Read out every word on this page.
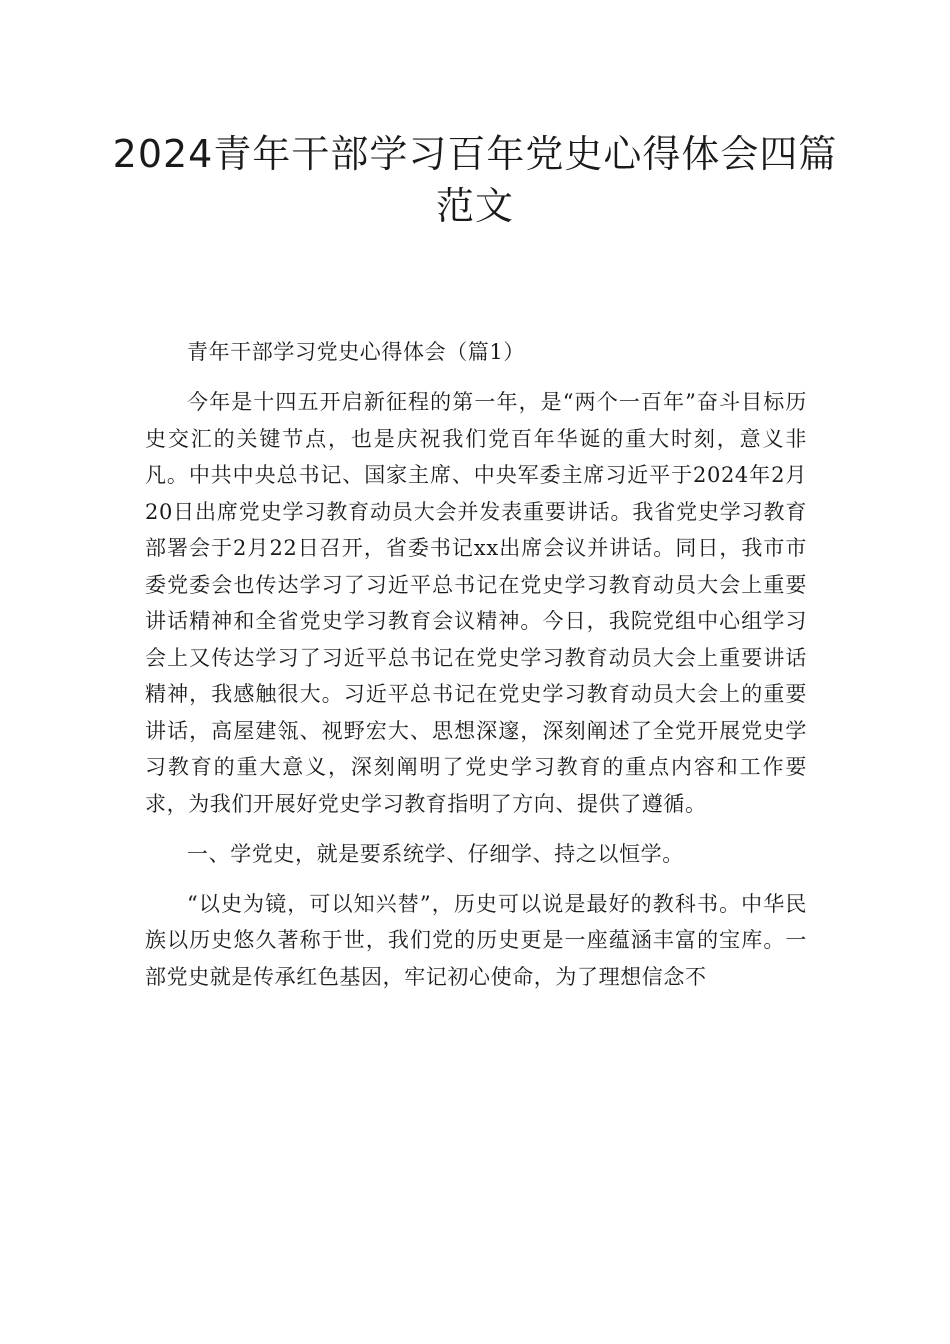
2024青年干部学习百年党史心得体会四篇范文

青年干部学习党史心得体会（篇1）

今年是十四五开启新征程的第一年，是“两个一百年”奋斗目标历史交汇的关键节点，也是庆祝我们党百年华诞的重大时刻，意义非凡。中共中央总书记、国家主席、中央军委主席习近平于2024年2月20日出席党史学习教育动员大会并发表重要讲话。我省党史学习教育部署会于2月22日召开，省委书记xx出席会议并讲话。同日，我市市委党委会也传达学习了习近平总书记在党史学习教育动员大会上重要讲话精神和全省党史学习教育会议精神。今日，我院党组中心组学习会上又传达学习了习近平总书记在党史学习教育动员大会上重要讲话精神，我感触很大。习近平总书记在党史学习教育动员大会上的重要讲话，高屋建瓴、视野宏大、思想深邃，深刻阐述了全党开展党史学习教育的重大意义，深刻阐明了党史学习教育的重点内容和工作要求，为我们开展好党史学习教育指明了方向、提供了遵循。

一、学党史，就是要系统学、仔细学、持之以恒学。

“以史为镜，可以知兴替”，历史可以说是最好的教科书。中华民族以历史悠久著称于世，我们党的历史更是一座蕴涵丰富的宝库。一部党史就是传承红色基因，牢记初心使命，为了理想信念不
